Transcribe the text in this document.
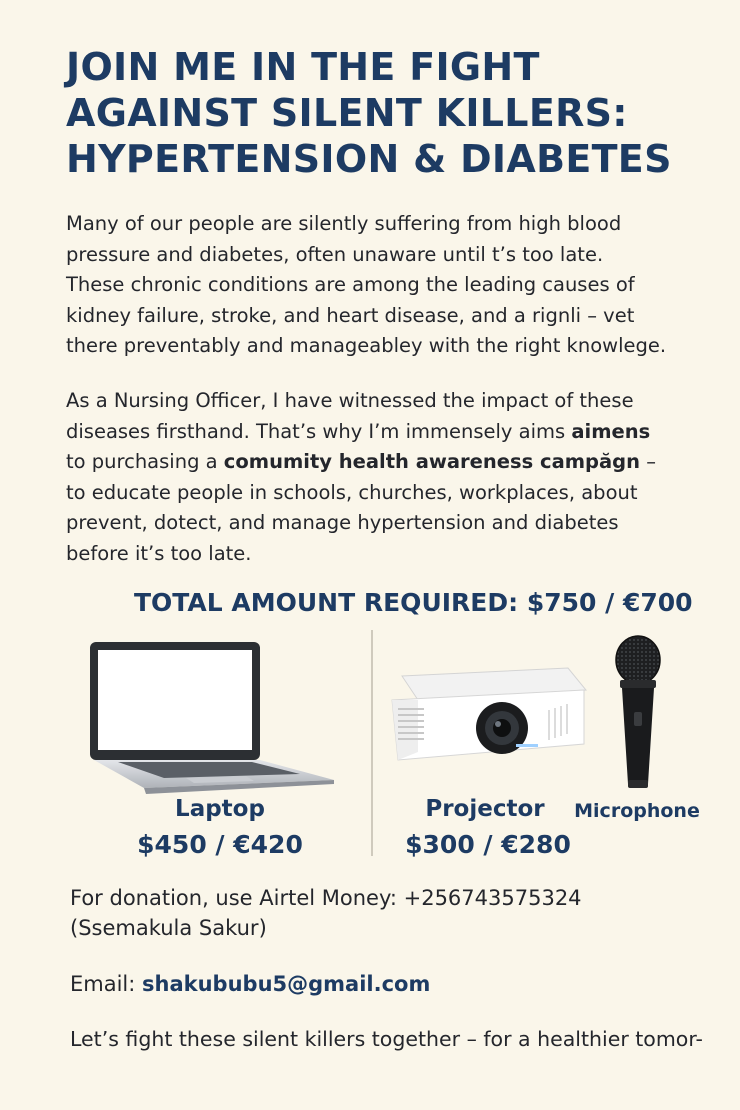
JOIN ME IN THE FIGHT
AGAINST SILENT KILLERS:
HYPERTENSION & DIABETES
Many of our people are silently suffering from high blood
pressure and diabetes, often unaware until t’s too late.
These chronic conditions are among the leading causes of
kidney failure, stroke, and heart disease, and a rignli – vet
there preventably and manageabley with the right knowlege.
As a Nursing Officer, I have witnessed the impact of these
diseases firsthand. That’s why I’m immensely aims aimens
to purchasing a comumity health awareness campăgn –
to educate people in schools, churches, workplaces, about
prevent, dotect, and manage hypertension and diabetes
before it’s too late.
TOTAL AMOUNT REQUIRED: $750 / €700
Laptop
$450 / €420
Projector
$300 / €280
Microphone
For donation, use Airtel Money: +256743575324
(Ssemakula Sakur)
Email: shakububu5@gmail.com
Let’s fight these silent killers together – for a healthier tomor-
